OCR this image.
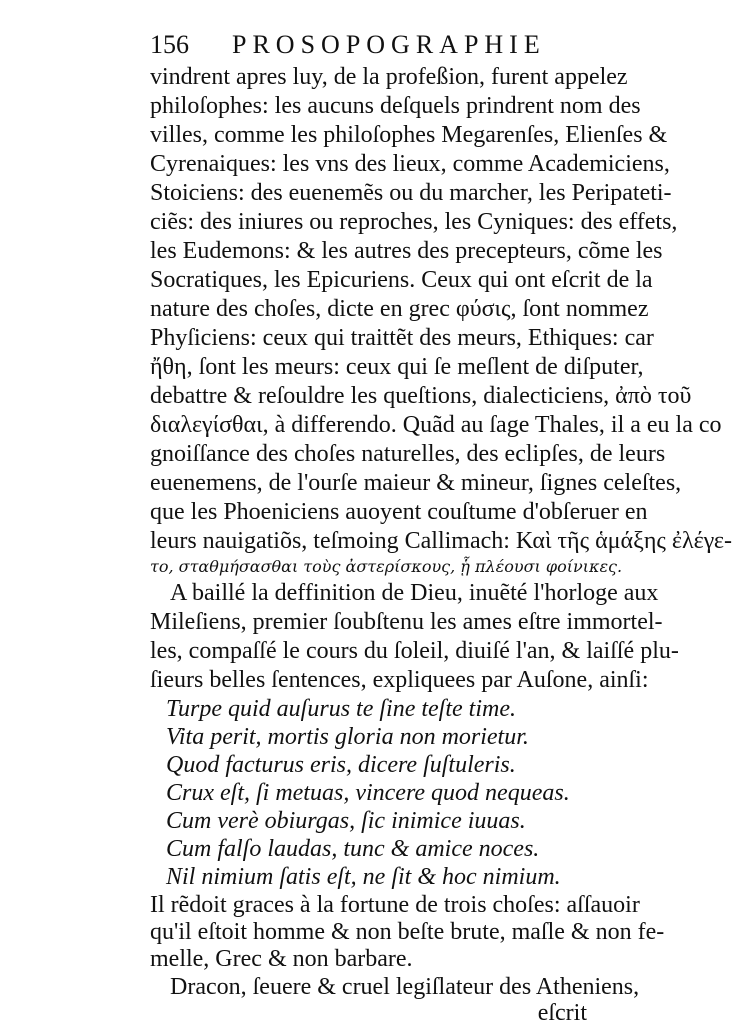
156 PROSOPOGRAPHIE
vindrent apres luy, de la profeßion, furent appelez
philoſophes: les aucuns deſquels prindrent nom des
villes, comme les philoſophes Megarenſes, Elienſes &
Cyrenaiques: les vns des lieux, comme Academiciens,
Stoiciens: des euenemẽs ou du marcher, les Peripateti-
ciẽs: des iniures ou reproches, les Cyniques: des effets,
les Eudemons: & les autres des precepteurs, cõme les
Socratiques, les Epicuriens. Ceux qui ont eſcrit de la
nature des choſes, dicte en grec φύσις, ſont nommez
Phyſiciens: ceux qui traittẽt des meurs, Ethiques: car
ἤθη, ſont les meurs: ceux qui ſe meſlent de diſputer,
debattre & reſouldre les queſtions, dialecticiens, ἀπὸ τοῦ
διαλεγίσθαι, à differendo. Quãd au ſage Thales, il a eu la co
gnoiſſance des choſes naturelles, des eclipſes, de leurs
euenemens, de l'ourſe maieur & mineur, ſignes celeſtes,
que les Phoeniciens auoyent couſtume d'obſeruer en
leurs nauigatiõs, teſmoing Callimach: Καὶ τῆς ἁμάξης ἐλέγε-
το, σταθμήσασθαι τοὺς ἀστερίσκους, ᾗ πλέουσι φοίνικες.
A baillé la deffinition de Dieu, inuẽté l'horloge aux
Mileſiens, premier ſoubſtenu les ames eſtre immortel-
les, compaſſé le cours du ſoleil, diuiſé l'an, & laiſſé plu-
ſieurs belles ſentences, expliquees par Auſone, ainſi:
Turpe quid auſurus te ſine teſte time.
Vita perit, mortis gloria non morietur.
Quod facturus eris, dicere ſuſtuleris.
Crux eſt, ſi metuas, vincere quod nequeas.
Cum verè obiurgas, ſic inimice iuuas.
Cum falſo laudas, tunc & amice noces.
Nil nimium ſatis eſt, ne ſit & hoc nimium.
Il rẽdoit graces à la fortune de trois choſes: aſſauoir
eſcrit
qu'il eſtoit homme & non beſte brute, maſle & non fe-
melle, Grec & non barbare.
Dracon, ſeuere & cruel legiſlateur des Atheniens,
